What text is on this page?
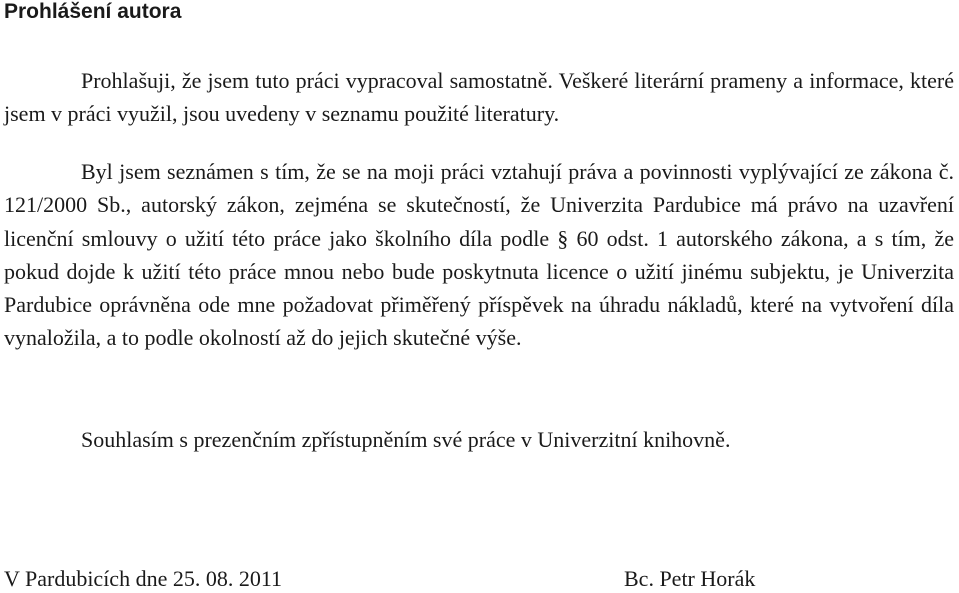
Prohlášení autora

Prohlašuji, že jsem tuto práci vypracoval samostatně. Veškeré literární prameny a informace, které jsem v práci využil, jsou uvedeny v seznamu použité literatury.

Byl jsem seznámen s tím, že se na moji práci vztahují práva a povinnosti vyplývající ze zákona č. 121/2000 Sb., autorský zákon, zejména se skutečností, že Univerzita Pardubice má právo na uzavření licenční smlouvy o užití této práce jako školního díla podle § 60 odst. 1 autorského zákona, a s tím, že pokud dojde k užití této práce mnou nebo bude poskytnuta licence o užití jinému subjektu, je Univerzita Pardubice oprávněna ode mne požadovat přiměřený příspěvek na úhradu nákladů, které na vytvoření díla vynaložila, a to podle okolností až do jejich skutečné výše.

Souhlasím s prezenčním zpřístupněním své práce v Univerzitní knihovně.

V Pardubicích dne 25. 08. 2011	Bc. Petr Horák
